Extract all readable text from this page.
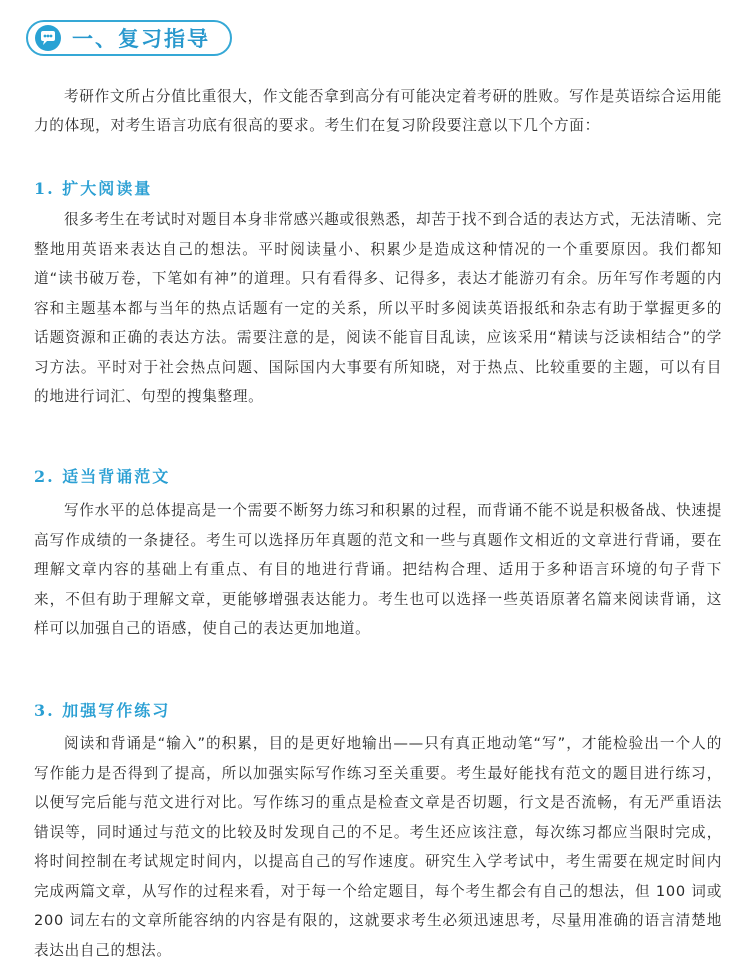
一、复习指导
考研作文所占分值比重很大，作文能否拿到高分有可能决定着考研的胜败。写作是英语综合运用能力的体现，对考生语言功底有很高的要求。考生们在复习阶段要注意以下几个方面：
1. 扩大阅读量
很多考生在考试时对题目本身非常感兴趣或很熟悉，却苦于找不到合适的表达方式，无法清晰、完整地用英语来表达自己的想法。平时阅读量小、积累少是造成这种情况的一个重要原因。我们都知道“读书破万卷，下笔如有神”的道理。只有看得多、记得多，表达才能游刃有余。历年写作考题的内容和主题基本都与当年的热点话题有一定的关系，所以平时多阅读英语报纸和杂志有助于掌握更多的话题资源和正确的表达方法。需要注意的是，阅读不能盲目乱读，应该采用“精读与泛读相结合”的学习方法。平时对于社会热点问题、国际国内大事要有所知晓，对于热点、比较重要的主题，可以有目的地进行词汇、句型的搜集整理。
2. 适当背诵范文
写作水平的总体提高是一个需要不断努力练习和积累的过程，而背诵不能不说是积极备战、快速提高写作成绩的一条捷径。考生可以选择历年真题的范文和一些与真题作文相近的文章进行背诵，要在理解文章内容的基础上有重点、有目的地进行背诵。把结构合理、适用于多种语言环境的句子背下来，不但有助于理解文章，更能够增强表达能力。考生也可以选择一些英语原著名篇来阅读背诵，这样可以加强自己的语感，使自己的表达更加地道。
3. 加强写作练习
阅读和背诵是“输入”的积累，目的是更好地输出——只有真正地动笔“写”，才能检验出一个人的写作能力是否得到了提高，所以加强实际写作练习至关重要。考生最好能找有范文的题目进行练习，以便写完后能与范文进行对比。写作练习的重点是检查文章是否切题，行文是否流畅，有无严重语法错误等，同时通过与范文的比较及时发现自己的不足。考生还应该注意，每次练习都应当限时完成，将时间控制在考试规定时间内，以提高自己的写作速度。研究生入学考试中，考生需要在规定时间内完成两篇文章，从写作的过程来看，对于每一个给定题目，每个考生都会有自己的想法，但 100 词或 200 词左右的文章所能容纳的内容是有限的，这就要求考生必须迅速思考，尽量用准确的语言清楚地表达出自己的想法。
